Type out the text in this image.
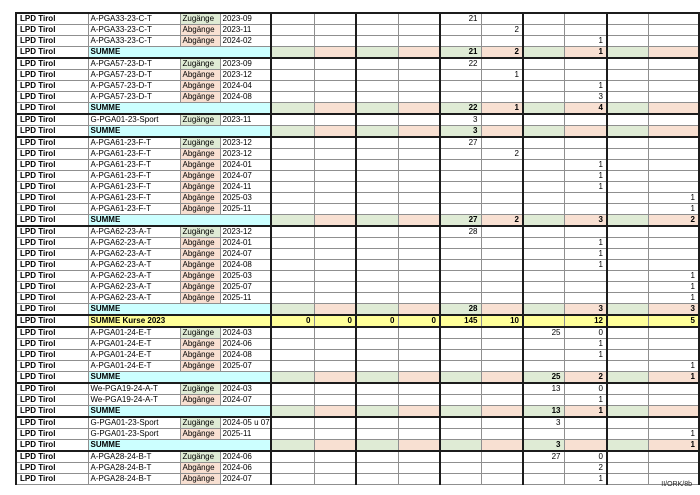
LPD Tirol	A-PGA33-23-C-T	Zugänge	2023-09					21					
LPD Tirol	A-PGA33-23-C-T	Abgänge	2023-11						2				
LPD Tirol	A-PGA33-23-C-T	Abgänge	2024-02								1		
LPD Tirol	SUMME							21	2		1		
LPD Tirol	A-PGA57-23-D-T	Zugänge	2023-09					22					
LPD Tirol	A-PGA57-23-D-T	Abgänge	2023-12						1				
LPD Tirol	A-PGA57-23-D-T	Abgänge	2024-04								1		
LPD Tirol	A-PGA57-23-D-T	Abgänge	2024-08								3		
LPD Tirol	SUMME							22	1		4		
LPD Tirol	G-PGA01-23-Sport	Zugänge	2023-11					3					
LPD Tirol	SUMME							3					
LPD Tirol	A-PGA61-23-F-T	Zugänge	2023-12					27					
LPD Tirol	A-PGA61-23-F-T	Abgänge	2023-12						2				
LPD Tirol	A-PGA61-23-F-T	Abgänge	2024-01								1		
LPD Tirol	A-PGA61-23-F-T	Abgänge	2024-07								1		
LPD Tirol	A-PGA61-23-F-T	Abgänge	2024-11								1		
LPD Tirol	A-PGA61-23-F-T	Abgänge	2025-03										1
LPD Tirol	A-PGA61-23-F-T	Abgänge	2025-11										1
LPD Tirol	SUMME							27	2		3		2
LPD Tirol	A-PGA62-23-A-T	Zugänge	2023-12					28					
LPD Tirol	A-PGA62-23-A-T	Abgänge	2024-01								1		
LPD Tirol	A-PGA62-23-A-T	Abgänge	2024-07								1		
LPD Tirol	A-PGA62-23-A-T	Abgänge	2024-08								1		
LPD Tirol	A-PGA62-23-A-T	Abgänge	2025-03										1
LPD Tirol	A-PGA62-23-A-T	Abgänge	2025-07										1
LPD Tirol	A-PGA62-23-A-T	Abgänge	2025-11										1
LPD Tirol	SUMME							28			3		3
LPD Tirol	SUMME Kurse 2023			0	0	0	0	145	10		12		5
LPD Tirol	A-PGA01-24-E-T	Zugänge	2024-03							25	0		
LPD Tirol	A-PGA01-24-E-T	Abgänge	2024-06								1		
LPD Tirol	A-PGA01-24-E-T	Abgänge	2024-08								1		
LPD Tirol	A-PGA01-24-E-T	Abgänge	2025-07										1
LPD Tirol	SUMME									25	2		1
LPD Tirol	We-PGA19-24-A-T	Zugänge	2024-03							13	0		
LPD Tirol	We-PGA19-24-A-T	Abgänge	2024-07								1		
LPD Tirol	SUMME									13	1		
LPD Tirol	G-PGA01-23-Sport	Zugänge	2024-05 u 07							3			
LPD Tirol	G-PGA01-23-Sport	Abgänge	2025-11										1
LPD Tirol	SUMME									3			1
LPD Tirol	A-PGA28-24-B-T	Zugänge	2024-06							27	0		
LPD Tirol	A-PGA28-24-B-T	Abgänge	2024-06								2		
LPD Tirol	A-PGA28-24-B-T	Abgänge	2024-07								1		
II/ORK/8b
